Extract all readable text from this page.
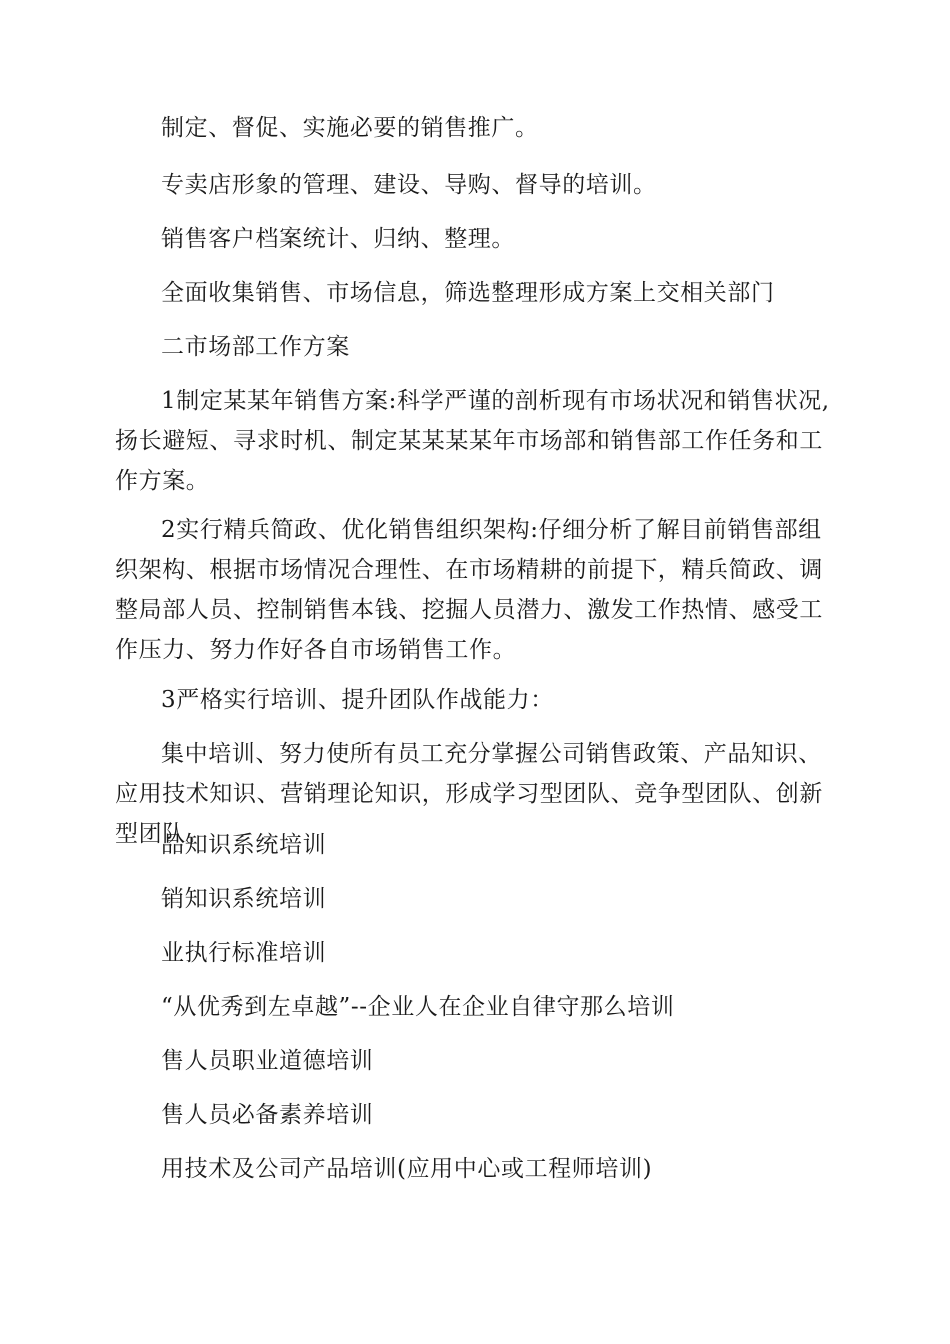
制定、督促、实施必要的销售推广。

专卖店形象的管理、建设、导购、督导的培训。

销售客户档案统计、归纳、整理。

全面收集销售、市场信息，筛选整理形成方案上交相关部门

二市场部工作方案

1制定某某年销售方案:科学严谨的剖析现有市场状况和销售状况,扬长避短、寻求时机、制定某某某某年市场部和销售部工作任务和工作方案。

2实行精兵简政、优化销售组织架构:仔细分析了解目前销售部组织架构、根据市场情况合理性、在市场精耕的前提下，精兵简政、调整局部人员、控制销售本钱、挖掘人员潜力、激发工作热情、感受工作压力、努力作好各自市场销售工作。

3严格实行培训、提升团队作战能力：

集中培训、努力使所有员工充分掌握公司销售政策、产品知识、应用技术知识、营销理论知识，形成学习型团队、竞争型团队、创新型团队。

品知识系统培训

销知识系统培训

业执行标准培训

“从优秀到左卓越”--企业人在企业自律守那么培训

售人员职业道德培训

售人员必备素养培训

用技术及公司产品培训(应用中心或工程师培训)
